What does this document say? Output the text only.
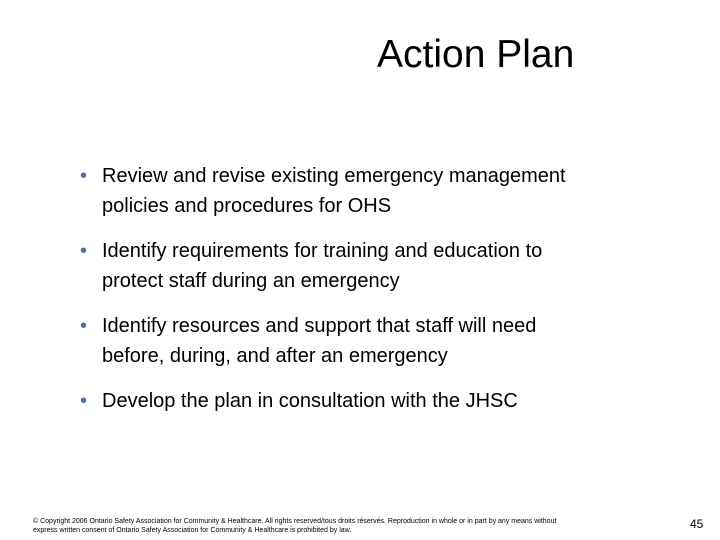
Action Plan
• Review and revise existing emergency management
policies and procedures for OHS
• Identify requirements for training and education to
protect staff during an emergency
• Identify resources and support that staff will need
before, during, and after an emergency
• Develop the plan in consultation with the JHSC
© Copyright 2006 Ontario Safety Association for Community & Healthcare. All rights reserved/tous droits réservés. Reproduction in whole or in part by any means without
express written consent of Ontario Safety Association for Community & Healthcare is prohibited by law.	45
